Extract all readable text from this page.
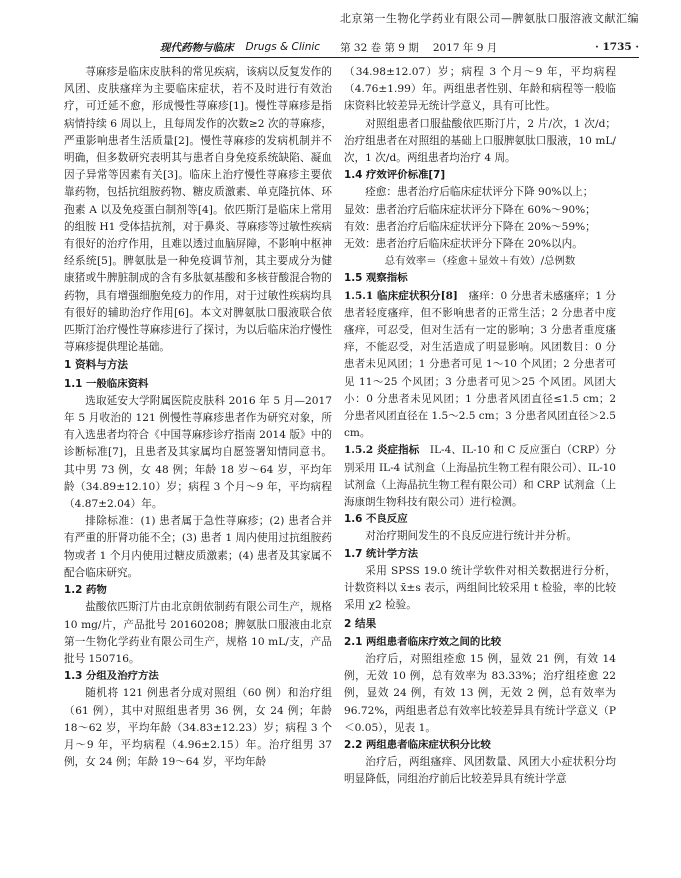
北京第一生物化学药业有限公司—脾氨肽口服溶液文献汇编
现代药物与临床 Drugs & Clinic 第 32 卷 第 9 期 2017 年 9 月	· 1735 ·

荨麻疹是临床皮肤科的常见疾病，该病以反复发作的风团、皮肤瘙痒为主要临床症状，若不及时进行有效治疗，可迁延不愈，形成慢性荨麻疹[1]。慢性荨麻疹是指病情持续 6 周以上，且每周发作的次数≥2 次的荨麻疹，严重影响患者生活质量[2]。慢性荨麻疹的发病机制并不明确，但多数研究表明其与患者自身免疫系统缺陷、凝血因子异常等因素有关[3]。临床上治疗慢性荨麻疹主要依靠药物，包括抗组胺药物、糖皮质激素、单克隆抗体、环孢素 A 以及免疫蛋白制剂等[4]。依匹斯汀是临床上常用的组胺 H1 受体拮抗剂，对于鼻炎、荨麻疹等过敏性疾病有很好的治疗作用，且难以透过血脑屏障，不影响中枢神经系统[5]。脾氨肽是一种免疫调节剂，其主要成分为健康猪或牛脾脏制成的含有多肽氨基酸和多核苷酸混合物的药物，具有增强细胞免疫力的作用，对于过敏性疾病均具有很好的辅助治疗作用[6]。本文对脾氨肽口服液联合依匹斯汀治疗慢性荨麻疹进行了探讨，为以后临床治疗慢性荨麻疹提供理论基础。

1 资料与方法
1.1 一般临床资料

选取延安大学附属医院皮肤科 2016 年 5 月—2017年 5 月收治的 121 例慢性荨麻疹患者作为研究对象，所有入选患者均符合《中国荨麻疹诊疗指南 2014 版》中的诊断标准[7]，且患者及其家属均自愿签署知情同意书。其中男 73 例，女 48 例；年龄 18 岁～64 岁，平均年龄（34.89±12.10）岁；病程 3 个月～9 年，平均病程（4.87±2.04）年。

排除标准：(1) 患者属于急性荨麻疹；(2) 患者合并有严重的肝肾功能不全；(3) 患者 1 周内使用过抗组胺药物或者 1 个月内使用过糖皮质激素；(4) 患者及其家属不配合临床研究。

1.2 药物

盐酸依匹斯汀片由北京朗依制药有限公司生产，规格 10 mg/片，产品批号 20160208；脾氨肽口服液由北京第一生物化学药业有限公司生产，规格 10 mL/支，产品批号 150716。

1.3 分组及治疗方法

随机将 121 例患者分成对照组（60 例）和治疗组（61 例），其中对照组患者男 36 例，女 24 例；年龄 18～62 岁，平均年龄（34.83±12.23）岁；病程 3 个月～9 年，平均病程（4.96±2.15）年。治疗组男 37 例，女 24 例；年龄 19～64 岁，平均年龄

（34.98±12.07）岁；病程 3 个月～9 年，平均病程（4.76±1.99）年。两组患者性别、年龄和病程等一般临床资料比较差异无统计学意义，具有可比性。

对照组患者口服盐酸依匹斯汀片，2 片/次，1 次/d；治疗组患者在对照组的基础上口服脾氨肽口服液，10 mL/次，1 次/d。两组患者均治疗 4 周。

1.4 疗效评价标准[7]

痊愈：患者治疗后临床症状评分下降 90%以上；

显效：患者治疗后临床症状评分下降在 60%～90%；

有效：患者治疗后临床症状评分下降在 20%～59%；

无效：患者治疗后临床症状评分下降在 20%以内。

总有效率＝（痊愈＋显效＋有效）/总例数
1.5 观察指标

1.5.1 临床症状积分[8]　 瘙痒：0 分患者未感瘙痒；1 分患者轻度瘙痒，但不影响患者的正常生活；2 分患者中度瘙痒，可忍受，但对生活有一定的影响；3 分患者重度瘙痒，不能忍受，对生活造成了明显影响。风团数目：0 分患者未见风团；1 分患者可见 1～10 个风团；2 分患者可见 11～25 个风团；3 分患者可见＞25 个风团。风团大小：0 分患者未见风团；1 分患者风团直径≤1.5 cm；2 分患者风团直径在 1.5～2.5 cm；3 分患者风团直径＞2.5 cm。

1.5.2 炎症指标　 IL-4、IL-10 和 C 反应蛋白（CRP）分别采用 IL-4 试剂盒（上海晶抗生物工程有限公司）、IL-10 试剂盒（上海晶抗生物工程有限公司）和 CRP 试剂盒（上海康朗生物科技有限公司）进行检测。

1.6 不良反应

对治疗期间发生的不良反应进行统计并分析。

1.7 统计学方法

采用 SPSS 19.0 统计学软件对相关数据进行分析，计数资料以 x̄±s 表示，两组间比较采用 t 检验，率的比较采用 χ2 检验。

2 结果
2.1 两组患者临床疗效之间的比较

治疗后，对照组痊愈 15 例，显效 21 例，有效 14 例，无效 10 例，总有效率为 83.33%；治疗组痊愈 22 例，显效 24 例，有效 13 例，无效 2 例，总有效率为 96.72%，两组患者总有效率比较差异具有统计学意义（P＜0.05），见表 1。

2.2 两组患者临床症状积分比较

治疗后，两组瘙痒、风团数量、风团大小症状积分均明显降低，同组治疗前后比较差异具有统计学意
